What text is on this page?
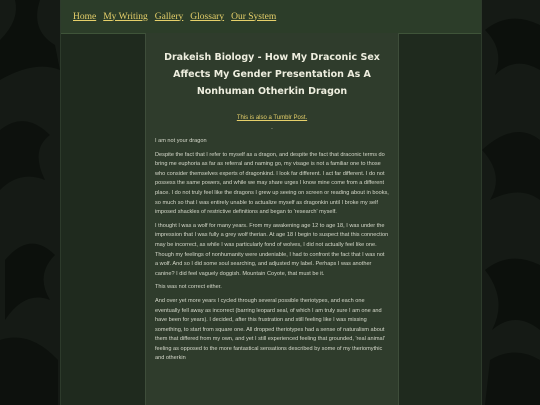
Home My Writing Gallery Glossary Our System
Drakeish Biology - How My Draconic Sex Affects My Gender Presentation As A Nonhuman Otherkin Dragon
This is also a Tumblr Post.
.

I am not your dragon

Despite the fact that I refer to myself as a dragon, and despite the fact that draconic terms do bring me euphoria as far as referral and naming go, my visage is not a familiar one to those who consider themselves experts of dragonkind. I look far different. I act far different. I do not possess the same powers, and while we may share urges I know mine come from a different place. I do not truly feel like the dragons I grew up seeing on screen or reading about in books, so much so that I was entirely unable to actualize myself as dragonkin until I broke my self imposed shackles of restrictive definitions and began to 'research' myself.

I thought I was a wolf for many years. From my awakening age 12 to age 18, I was under the impression that I was fully a grey wolf therian. At age 18 I begin to suspect that this connection may be incorrect, as while I was particularly fond of wolves, I did not actually feel like one. Though my feelings of nonhumanity were undeniable, I had to confront the fact that I was not a wolf. And so I did some soul searching, and adjusted my label. Perhaps I was another canine? I did feel vaguely doggish. Mountain Coyote, that must be it.

This was not correct either.

And over yet more years I cycled through several possible theriotypes, and each one eventually fell away as incorrect (barring leopard seal, of which I am truly sure I am one and have been for years). I decided, after this frustration and still feeling like I was missing something, to start from square one. All dropped theriotypes had a sense of naturalism about them that differed from my own, and yet I still experienced feeling that grounded, 'real animal' feeling as opposed to the more fantastical sensations described by some of my theriomythic and otherkin
